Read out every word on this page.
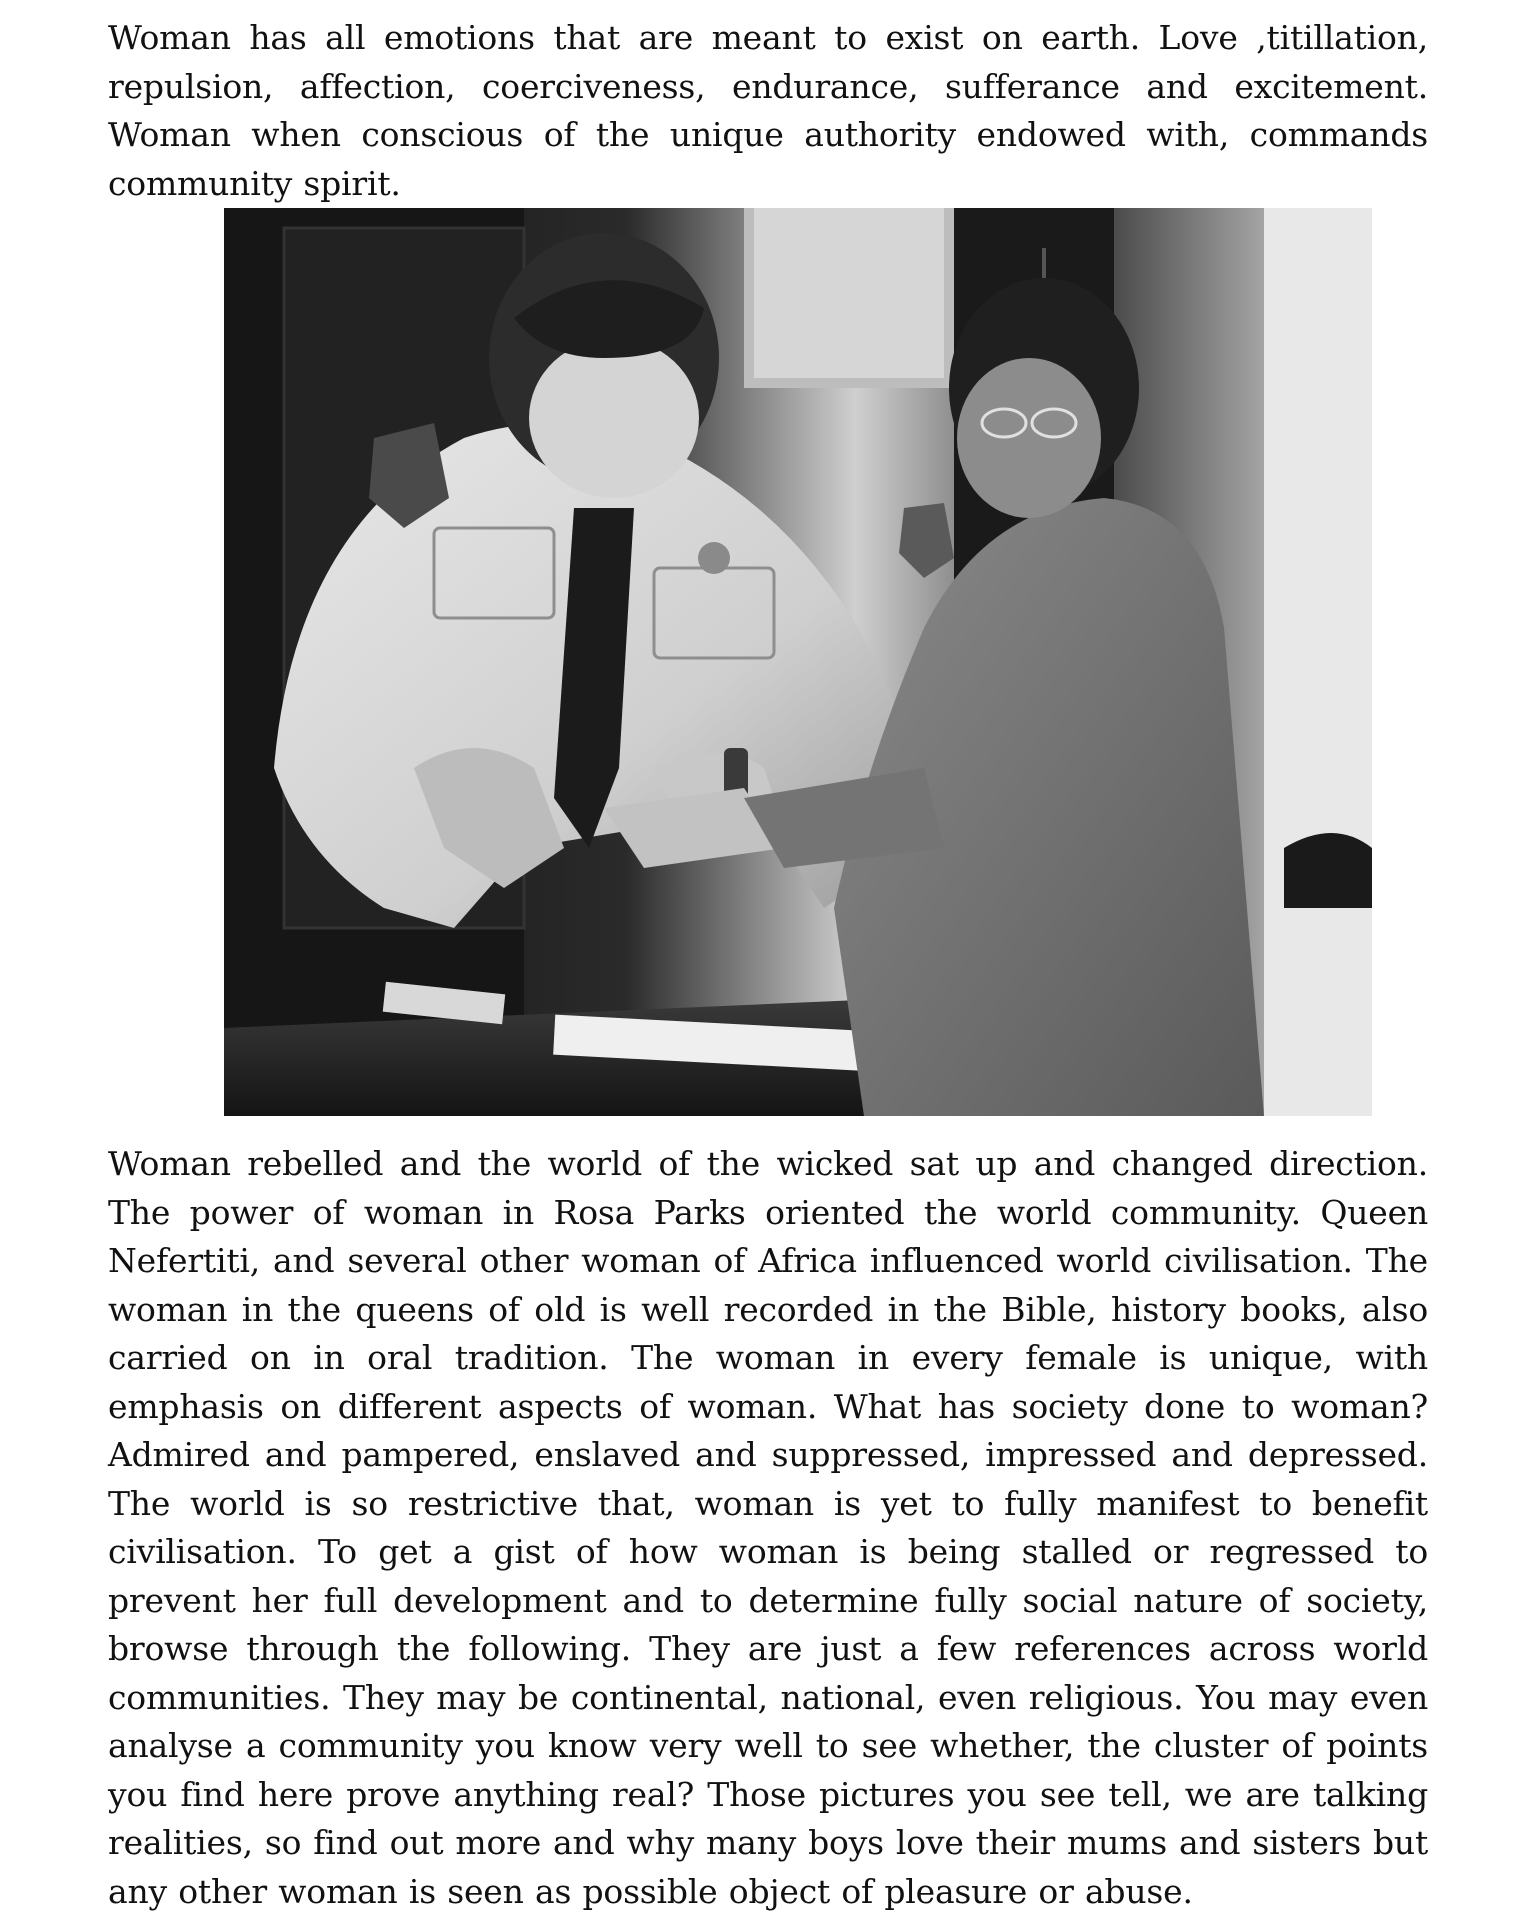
Woman has all emotions that are meant to exist on earth. Love ,titillation, repulsion, affection, coerciveness, endurance, sufferance and excitement. Woman when conscious of the unique authority endowed with, commands community spirit.

Woman rebelled and the world of the wicked sat up and changed direction. The power of woman in Rosa Parks oriented the world community. Queen Nefertiti, and several other woman of Africa influenced world civilisation. The woman in the queens of old is well recorded in the Bible, history books, also carried on in oral tradition. The woman in every female is unique, with emphasis on different aspects of woman. What has society done to woman? Admired and pampered, enslaved and suppressed, impressed and depressed. The world is so restrictive that, woman is yet to fully manifest to benefit civilisation. To get a gist of how woman is being stalled or regressed to prevent her full development and to determine fully social nature of society, browse through the following. They are just a few references across world communities. They may be continental, national, even religious. You may even analyse a community you know very well to see whether, the cluster of points you find here prove anything real? Those pictures you see tell, we are talking realities, so find out more and why many boys love their mums and sisters but any other woman is seen as possible object of pleasure or abuse.
